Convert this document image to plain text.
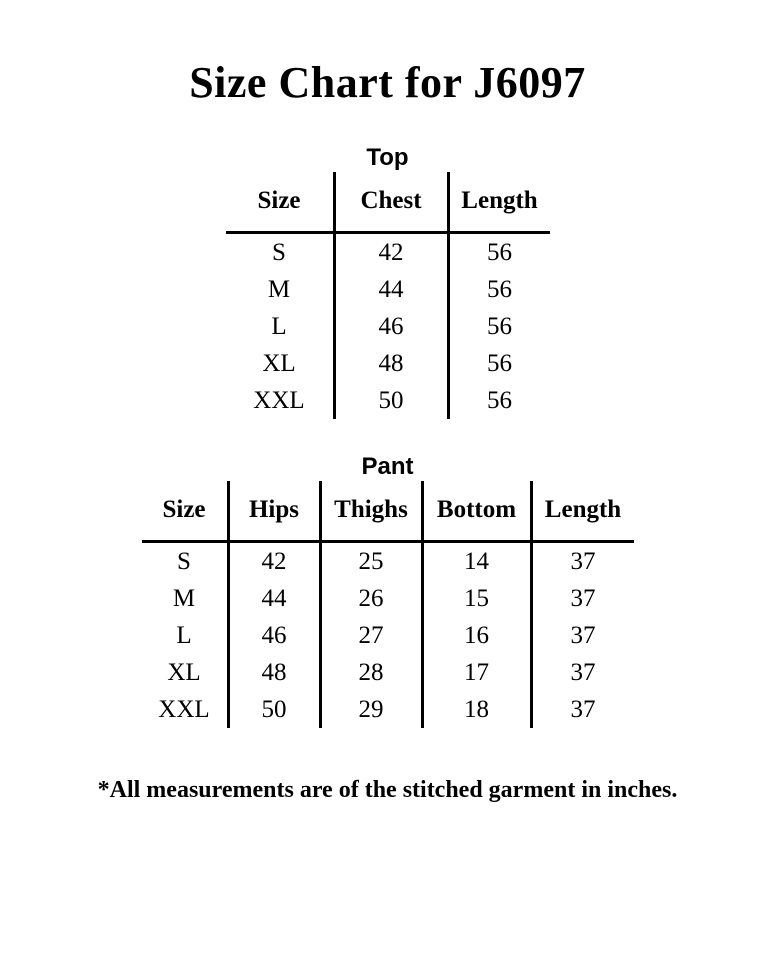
Size Chart for J6097
Top
Size	Chest	Length
S	42	56
M	44	56
L	46	56
XL	48	56
XXL	50	56
Pant
Size	Hips	Thighs	Bottom	Length
S	42	25	14	37
M	44	26	15	37
L	46	27	16	37
XL	48	28	17	37
XXL	50	29	18	37

*All measurements are of the stitched garment in inches.
